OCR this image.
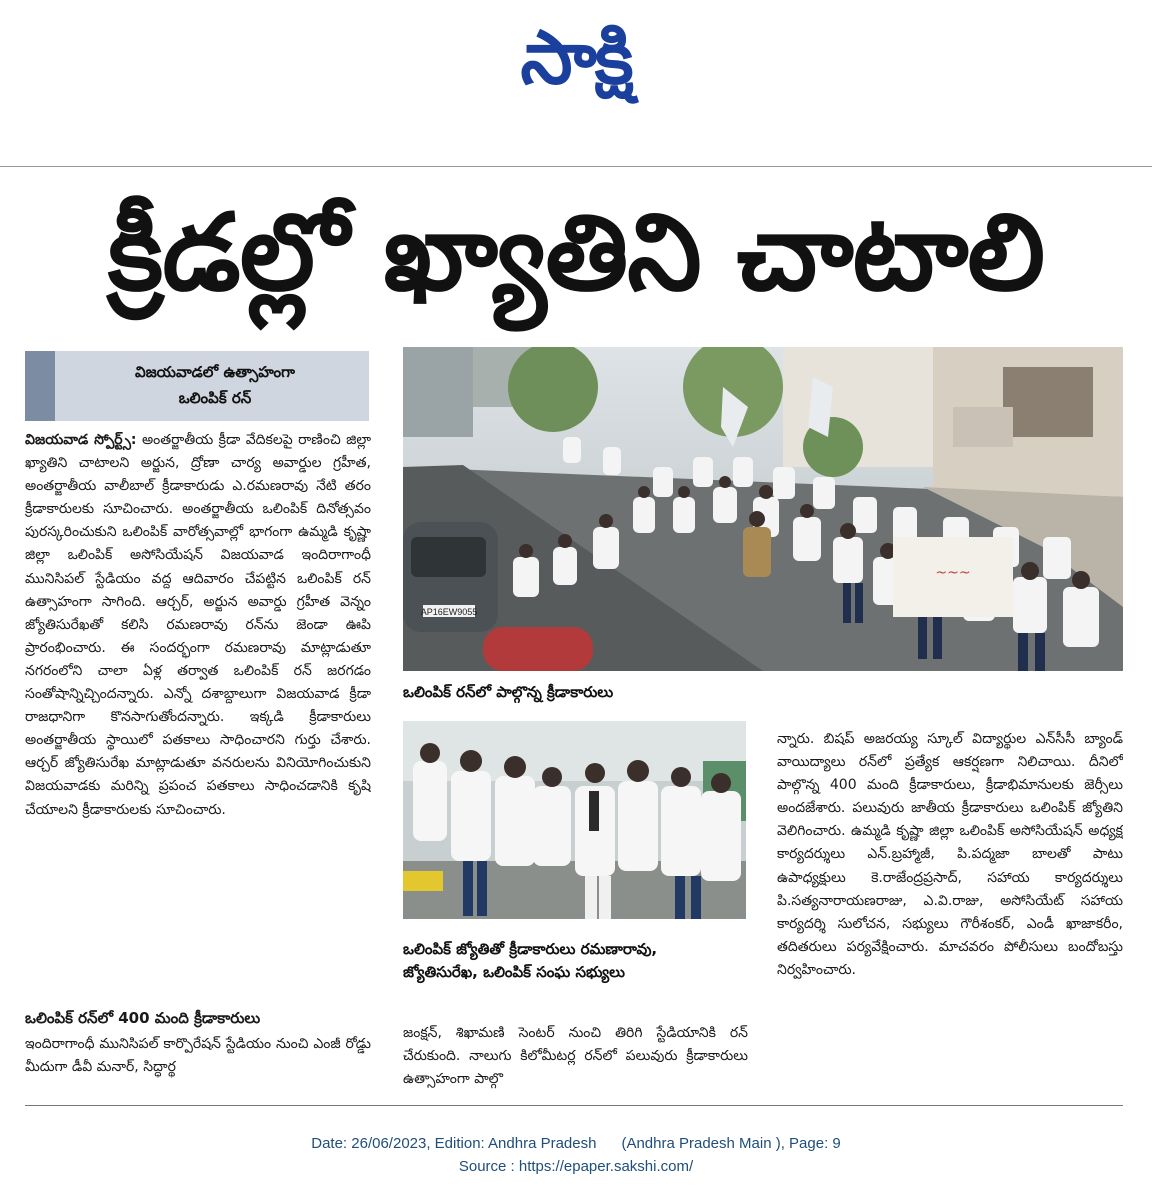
సాక్షి
క్రీడల్లో ఖ్యాతిని చాటాలి
విజయవాడలో ఉత్సాహంగా
ఒలింపిక్ రన్
విజయవాడ స్పోర్ట్స్: అంతర్జాతీయ క్రీడా వేదికలపై రాణించి జిల్లా ఖ్యాతిని చాటాలని అర్జున, ద్రోణా చార్య అవార్డుల గ్రహీత, అంతర్జాతీయ వాలీబాల్ క్రీడాకారుడు ఎ.రమణరావు నేటి తరం క్రీడాకారులకు సూచించారు. అంతర్జాతీయ ఒలింపిక్ దినోత్సవం పురస్కరించుకుని ఒలింపిక్ వారోత్సవాల్లో భాగంగా ఉమ్మడి కృష్ణా జిల్లా ఒలింపిక్ అసోసియేషన్ విజయవాడ ఇందిరాగాంధీ మునిసిపల్ స్టేడియం వద్ద ఆదివారం చేపట్టిన ఒలింపిక్ రన్ ఉత్సాహంగా సాగింది. ఆర్చర్, అర్జున అవార్డు గ్రహీత వెన్నం జ్యోతిసురేఖతో కలిసి రమణరావు రన్‌ను జెండా ఊపి ప్రారంభించారు. ఈ సందర్భంగా రమణరావు మాట్లాడుతూ నగరంలోని చాలా ఏళ్ల తర్వాత ఒలింపిక్ రన్ జరగడం సంతోషాన్నిచ్చిందన్నారు. ఎన్నో దశాబ్దాలుగా విజయవాడ క్రీడా రాజధానిగా కొనసాగుతోందన్నారు. ఇక్కడి క్రీడాకారులు అంతర్జాతీయ స్థాయిలో పతకాలు సాధించారని గుర్తు చేశారు. ఆర్చర్ జ్యోతిసురేఖ మాట్లాడుతూ వనరులను వినియోగించుకుని విజయవాడకు మరిన్ని ప్రపంచ పతకాలు సాధించడానికి కృషి చేయాలని క్రీడాకారులకు సూచించారు.
ఒలింపిక్ రన్‌లో 400 మంది క్రీడాకారులు
ఇందిరాగాంధీ మునిసిపల్ కార్పొరేషన్ స్టేడియం నుంచి ఎంజీ రోడ్డు మీదుగా డీవీ మనార్, సిద్ధార్థ
AP16EW9055
~~~
ఒలింపిక్ రన్‌లో పాల్గొన్న క్రీడాకారులు
ఒలింపిక్ జ్యోతితో క్రీడాకారులు రమణారావు,
జ్యోతిసురేఖ, ఒలింపిక్ సంఘ సభ్యులు
జంక్షన్, శిఖామణి సెంటర్ నుంచి తిరిగి స్టేడియానికి రన్ చేరుకుంది. నాలుగు కిలోమీటర్ల రన్‌లో పలువురు క్రీడాకారులు ఉత్సాహంగా పాల్గొ
న్నారు. బిషప్ అజరయ్య స్కూల్ విద్యార్థుల ఎన్‌సీసీ బ్యాండ్ వాయిద్యాలు రన్‌లో ప్రత్యేక ఆకర్షణగా నిలిచాయి. దీనిలో పాల్గొన్న 400 మంది క్రీడాకారులు, క్రీడాభిమానులకు జెర్సీలు అందజేశారు. పలువురు జాతీయ క్రీడాకారులు ఒలింపిక్ జ్యోతిని వెలిగించారు. ఉమ్మడి కృష్ణా జిల్లా ఒలింపిక్ అసోసియేషన్ అధ్యక్ష కార్యదర్శులు ఎన్.బ్రహ్మాజీ, పి.పద్మజా బాలతో పాటు ఉపాధ్యక్షులు కె.రాజేంద్రప్రసాద్, సహాయ కార్యదర్శులు పి.సత్యనారాయణరాజు, ఎ.వి.రాజు, అసోసియేట్ సహాయ కార్యదర్శి సులోచన, సభ్యులు గౌరీశంకర్, ఎండీ ఖాజాకరీం, తదితరులు పర్యవేక్షించారు. మాచవరం పోలీసులు బందోబస్తు నిర్వహించారు.
Date: 26/06/2023, Edition: Andhra Pradesh      (Andhra Pradesh Main ), Page: 9
Source : https://epaper.sakshi.com/
